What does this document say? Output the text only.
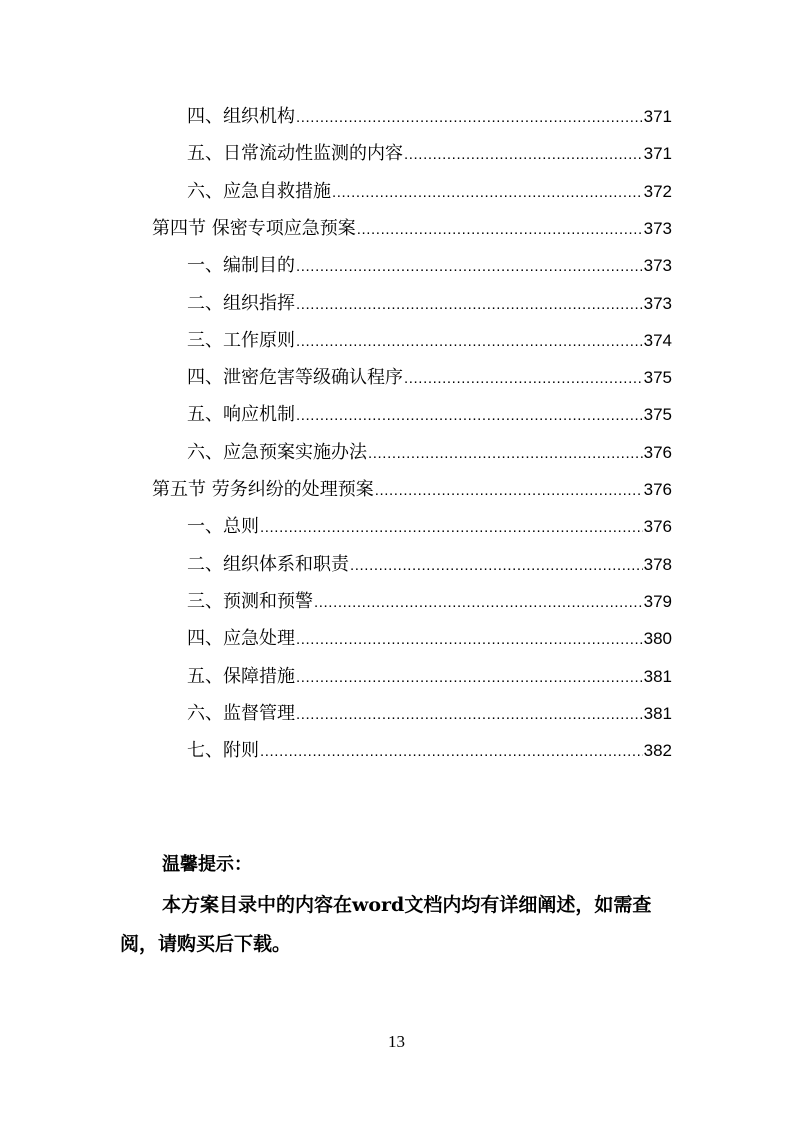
四、组织机构 .....	371
五、日常流动性监测的内容 .....	371
六、应急自救措施 .....	372
第四节 保密专项应急预案 .....	373
一、编制目的 .....	373
二、组织指挥 .....	373
三、工作原则 .....	374
四、泄密危害等级确认程序 .....	375
五、响应机制 .....	375
六、应急预案实施办法 .....	376
第五节 劳务纠纷的处理预案 .....	376
一、总则 .....	376
二、组织体系和职责 .....	378
三、预测和预警 .....	379
四、应急处理 .....	380
五、保障措施 .....	381
六、监督管理 .....	381
七、附则 .....	382
温馨提示：
本方案目录中的内容在word文档内均有详细阐述，如需查阅，请购买后下载。
13
